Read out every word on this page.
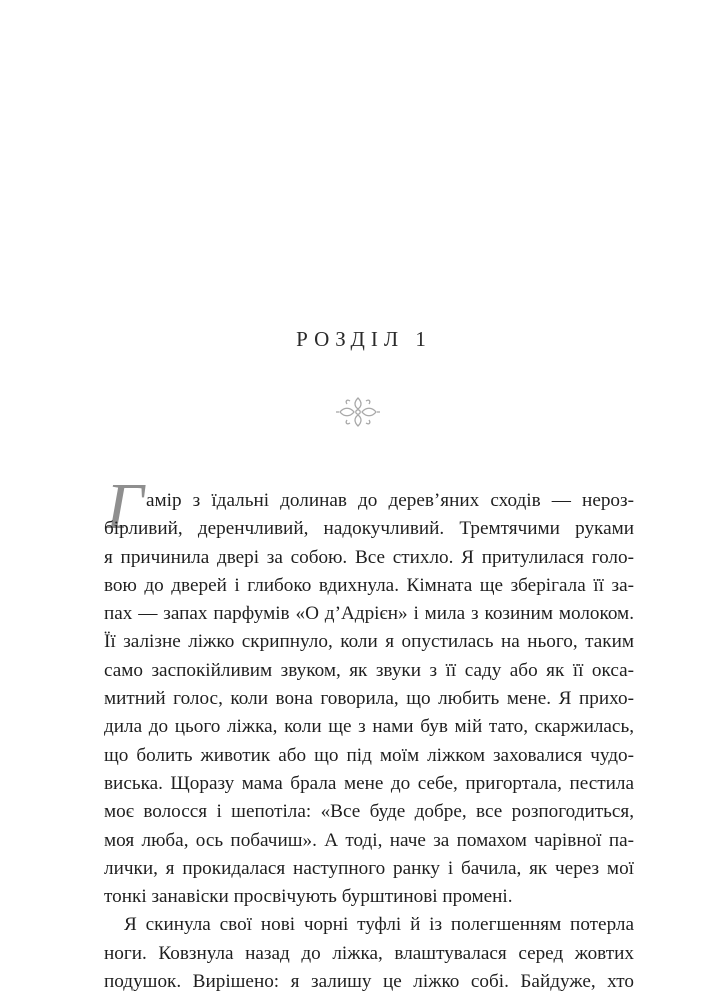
РОЗДІЛ 1
Г амір з їдальні долинав до дерев’яних сходів — нероз-
бірливий, деренчливий, надокучливий. Тремтячими руками
я причинила двері за собою. Все стихло. Я притулилася голо-
вою до дверей і глибоко вдихнула. Кімната ще зберігала її за-
пах — запах парфумів «О д’Адрієн» і мила з козиним молоком.
Її залізне ліжко скрипнуло, коли я опустилась на нього, таким
само заспокійливим звуком, як звуки з її саду або як її окса-
митний голос, коли вона говорила, що любить мене. Я прихо-
дила до цього ліжка, коли ще з нами був мій тато, скаржилась,
що болить животик або що під моїм ліжком заховалися чудо-
виська. Щоразу мама брала мене до себе, пригортала, пестила
моє волосся і шепотіла: «Все буде добре, все розпогодиться,
моя люба, ось побачиш». А тоді, наче за помахом чарівної па-
лички, я прокидалася наступного ранку і бачила, як через мої
тонкі занавіски просвічують бурштинові промені.
Я скинула свої нові чорні туфлі й із полегшенням потерла
ноги. Ковзнула назад до ліжка, влаштувалася серед жовтих
подушок. Вирішено: я залишу це ліжко собі. Байдуже, хто
